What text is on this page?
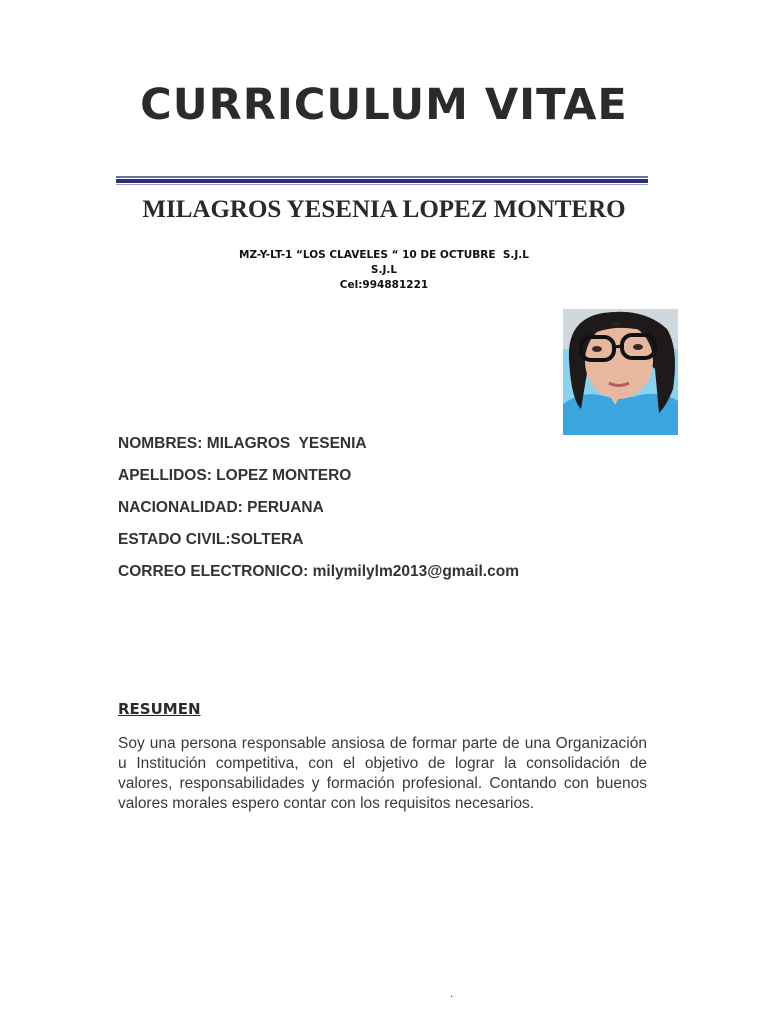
CURRICULUM VITAE
MILAGROS YESENIA LOPEZ MONTERO
MZ-Y-LT-1 “LOS CLAVELES “ 10 DE OCTUBRE  S.J.L
S.J.L
Cel:994881221
NOMBRES: MILAGROS  YESENIA
APELLIDOS: LOPEZ MONTERO
NACIONALIDAD: PERUANA
ESTADO CIVIL:SOLTERA
CORREO ELECTRONICO: milymilylm2013@gmail.com
RESUMEN

Soy una persona responsable ansiosa de formar parte de una Organización u Institución competitiva, con el objetivo de lograr la consolidación de valores, responsabilidades y formación profesional. Contando con buenos valores morales espero contar con los requisitos necesarios.

.
